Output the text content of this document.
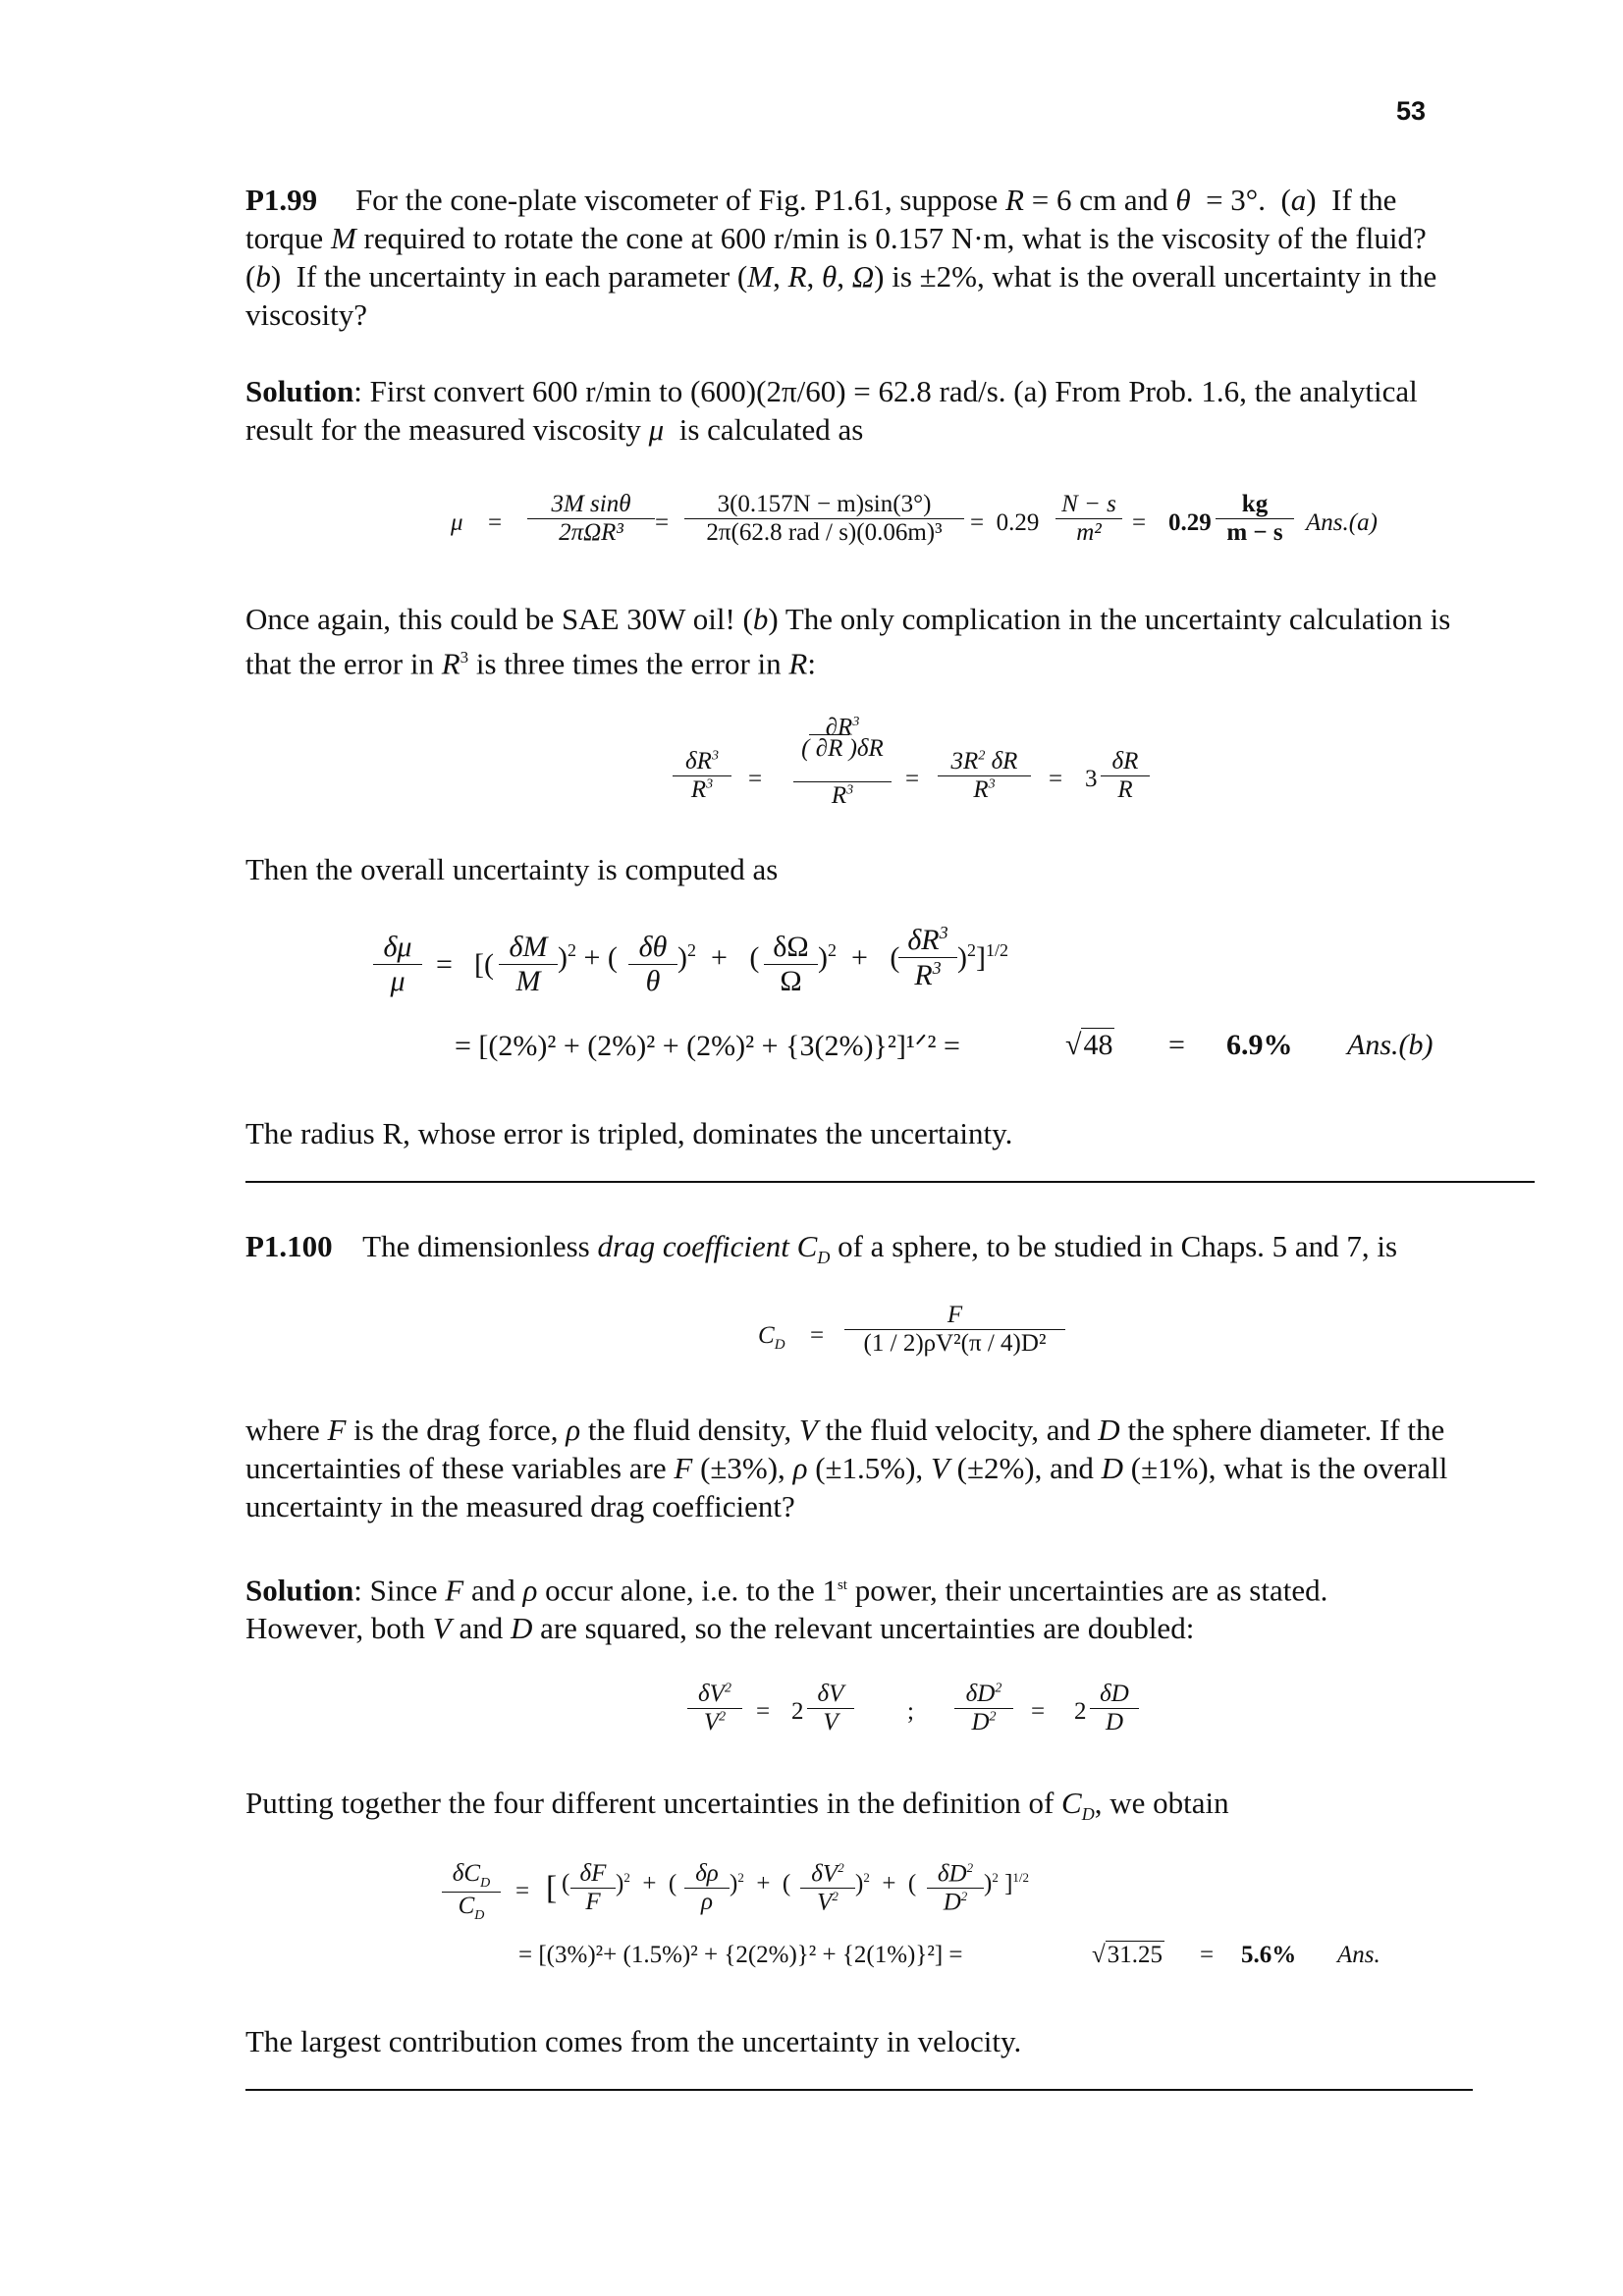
53
P1.99 For the cone-plate viscometer of Fig. P1.61, suppose R = 6 cm and θ = 3°.  (a)  If the
torque M required to rotate the cone at 600 r/min is 0.157 N·m, what is the viscosity of the fluid?
(b)  If the uncertainty in each parameter (M, R, θ, Ω) is ±2%, what is the overall uncertainty in the
viscosity?
Solution: First convert 600 r/min to (600)(2π/60) = 62.8 rad/s. (a) From Prob. 1.6, the analytical
result for the measured viscosity μ is calculated as
μ =
3M sinθ
2πΩR³	=
3(0.157N − m)sin(3°)
2π(62.8 rad / s)(0.06m)³	=  $0.29 \frac{N - s}{\text{m²}} = 0.29 \frac{kg}{m - s} Ans.(a)$
Once again, this could be SAE 30W oil! (b) The only complication in the uncertainty calculation is
that the error in $R^3$ is three times the error in R:
$\frac{\delta R^3}{R^3}$ =
$\partial R^3$
( ∂R )δR
$R^3$	= $\frac{3R^2 \delta R}{R^3} = 3 \frac{\delta R}{R}$
Then the overall uncertainty is computed as
$\frac{\delta\mu}{\mu}$ = [( $\frac{\delta M}{M} )^2$ + ( $\frac{\delta\theta}{\theta} )^2$  +   ( $\frac{\delta\Omega}{\Omega} )^2$  +   (
$\frac{\delta R^3}{R^3} )^2]^{1/2}$
= [(2%)² + (2%)² + (2%)² + {3(2%)}²]¹ᐟ² =	√48 = 6.9% Ans.(b)
The radius R, whose error is tripled, dominates the uncertainty.
P1.100 The dimensionless drag coefficient $C_D$ of a sphere, to be studied in Chaps. 5 and 7, is
$C_D = \frac{F}{\text{(1 / 2)ρV²(π / 4)D²}}$
where F is the drag force, ρ the fluid density, V the fluid velocity, and D the sphere diameter. If the
uncertainties of these variables are F (±3%), ρ (±1.5%), V (±2%), and D (±1%), what is the overall
uncertainty in the measured drag coefficient?
Solution: Since F and ρ occur alone, i.e. to the 1st power, their uncertainties are as stated.
However, both V and D are squared, so the relevant uncertainties are doubled:
$\frac{\delta V^2}{V^2} = 2 \frac{\delta V}{V}$ ; $\frac{\delta D^2}{D^2} = 2 \frac{\delta D}{D}$
Putting together the four different uncertainties in the definition of $C_D$, we obtain
$\delta C_D$
$C_D$
= [ ( $\frac{\delta F}{F} )^2$  +  ( $\frac{\delta\rho}{\rho} )^2$  +  ( $\frac{\delta V^2}{V^2} )^2$  +  ( $\frac{\delta D^2}{D^2} )^2$ ]$^{1/2}$
= [(3%)²+ (1.5%)² + {2(2%)}² + {2(1%)}²] =	√31.25 = 5.6% Ans.
The largest contribution comes from the uncertainty in velocity.
